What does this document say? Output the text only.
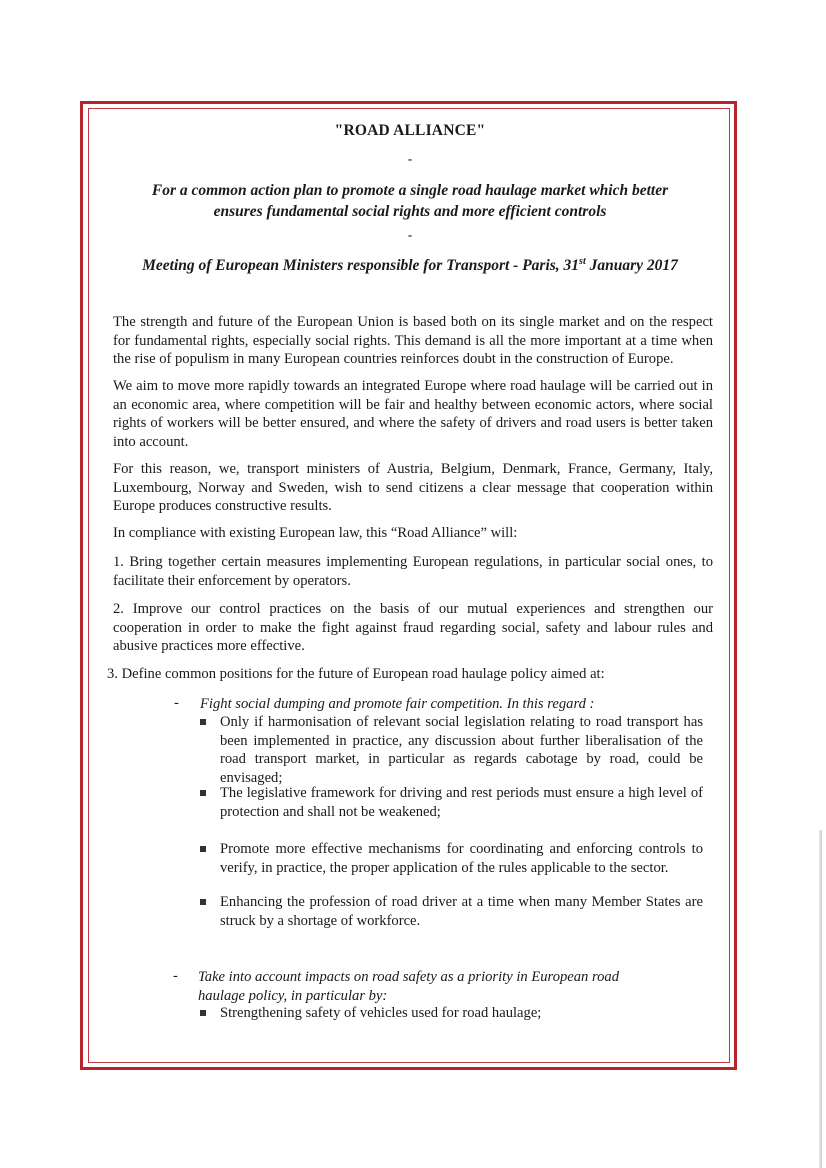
"ROAD ALLIANCE"
-
For a common action plan to promote a single road haulage market which better ensures fundamental social rights and more efficient controls
-
Meeting of European Ministers responsible for Transport - Paris, 31st January 2017
The strength and future of the European Union is based both on its single market and on the respect for fundamental rights, especially social rights. This demand is all the more important at a time when the rise of populism in many European countries reinforces doubt in the construction of Europe.
We aim to move more rapidly towards an integrated Europe where road haulage will be carried out in an economic area, where competition will be fair and healthy between economic actors, where social rights of workers will be better ensured, and where the safety of drivers and road users is better taken into account.
For this reason, we, transport ministers of Austria, Belgium, Denmark, France, Germany, Italy, Luxembourg, Norway and Sweden, wish to send citizens a clear message that cooperation within Europe produces constructive results.
In compliance with existing European law, this “Road Alliance” will:
1. Bring together certain measures implementing European regulations, in particular social ones, to facilitate their enforcement by operators.
2. Improve our control practices on the basis of our mutual experiences and strengthen our cooperation in order to make the fight against fraud regarding social, safety and labour rules and abusive practices more effective.
3. Define common positions for the future of European road haulage policy aimed at:
- Fight social dumping and promote fair competition. In this regard :
Only if harmonisation of relevant social legislation relating to road transport has been implemented in practice, any discussion about further liberalisation of the road transport market, in particular as regards cabotage by road, could be envisaged;
The legislative framework for driving and rest periods must ensure a high level of protection and shall not be weakened;
Promote more effective mechanisms for coordinating and enforcing controls to verify, in practice, the proper application of the rules applicable to the sector.
Enhancing the profession of road driver at a time when many Member States are struck by a shortage of workforce.
- Take into account impacts on road safety as a priority in European road haulage policy, in particular by:
Strengthening safety of vehicles used for road haulage;
